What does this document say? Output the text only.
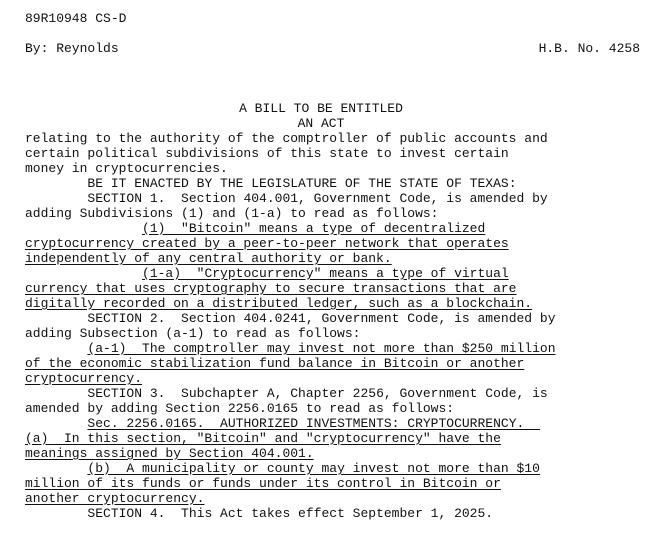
89R10948 CS-D
By: Reynolds	H.B. No. 4258
A BILL TO BE ENTITLED
AN ACT
relating to the authority of the comptroller of public accounts and
certain political subdivisions of this state to invest certain
money in cryptocurrencies.
BE IT ENACTED BY THE LEGISLATURE OF THE STATE OF TEXAS:
SECTION 1.  Section 404.001, Government Code, is amended by
adding Subdivisions (1) and (1-a) to read as follows:
(1)  "Bitcoin" means a type of decentralized
cryptocurrency created by a peer-to-peer network that operates
independently of any central authority or bank.
(1-a)  "Cryptocurrency" means a type of virtual
currency that uses cryptography to secure transactions that are
digitally recorded on a distributed ledger, such as a blockchain.
SECTION 2.  Section 404.0241, Government Code, is amended by
adding Subsection (a-1) to read as follows:
(a-1)  The comptroller may invest not more than $250 million
of the economic stabilization fund balance in Bitcoin or another
cryptocurrency.
SECTION 3.  Subchapter A, Chapter 2256, Government Code, is
amended by adding Section 2256.0165 to read as follows:
Sec. 2256.0165.  AUTHORIZED INVESTMENTS: CRYPTOCURRENCY.
(a)  In this section, "Bitcoin" and "cryptocurrency" have the
meanings assigned by Section 404.001.
(b)  A municipality or county may invest not more than $10
million of its funds or funds under its control in Bitcoin or
another cryptocurrency.
SECTION 4.  This Act takes effect September 1, 2025.
